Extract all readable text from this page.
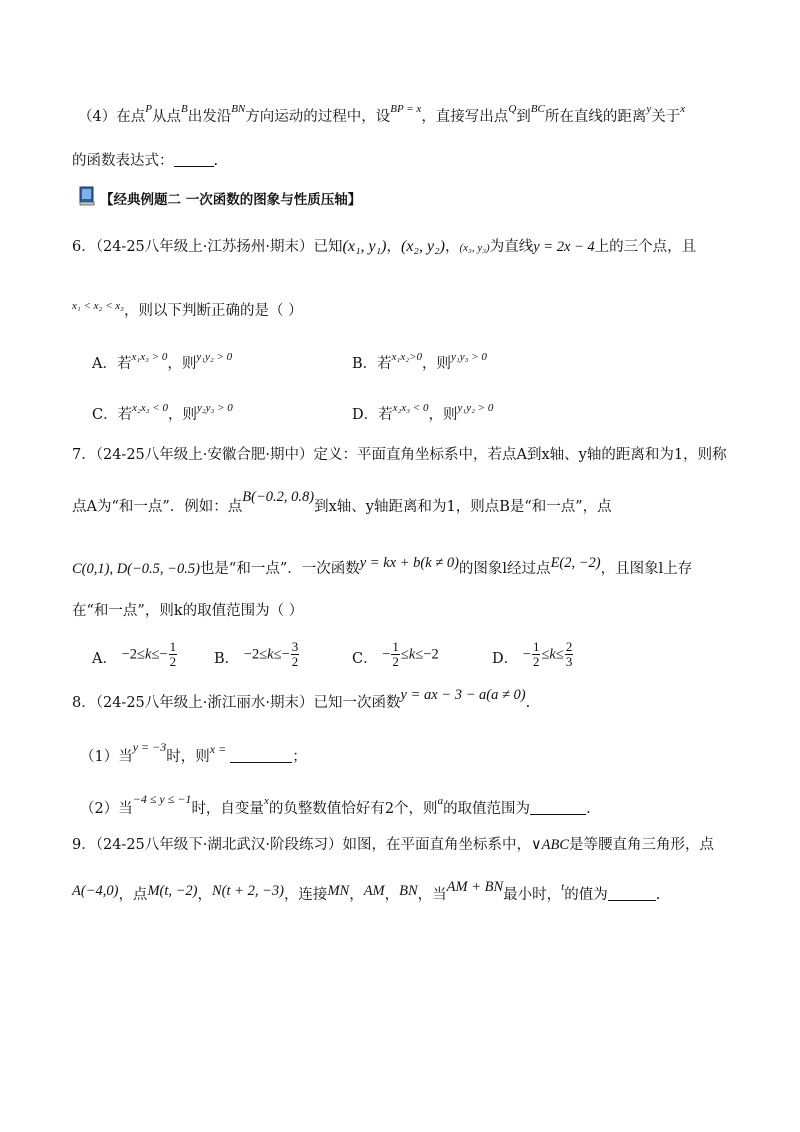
（4）在点$^P$从点$^B$出发沿$^{BN}$方向运动的过程中，设$^{BP = x}$，直接写出点$^Q$到$^{BC}$所在直线的距离$^y$关于$^x$
的函数表达式：	.
【经典例题二 一次函数的图象与性质压轴】
6．（24-25八年级上·江苏扬州·期末）已知(x₁, y₁)，(x₂, y₂)，(x₃, y₃)为直线y = 2x − 4上的三个点，且
$^{x_1 < x_2 < x_3}$，则以下判断正确的是（ ）
A．若$^{x_1x_3 > 0}$，则$^{y_1y_2 > 0}$	B．若$^{x_1x_2>0}$，则$^{y_1y_3 > 0}$
C．若$^{x_2x_3 < 0}$，则$^{y_2y_3 > 0}$	D．若$^{x_2x_3 < 0}$，则$^{y_1y_2 > 0}$
7．（24-25八年级上·安徽合肥·期中）定义：平面直角坐标系中，若点A到x轴、y轴的距离和为1，则称
点A为“和一点”．例如：点B(−0.2, 0.8)到x轴、y轴距离和为1，则点B是“和一点”，点
C(0,1), D(−0.5, −0.5)也是“和一点”．一次函数y = kx + b(k ≠ 0)的图象l经过点E(2, −2)，且图象l上存
在“和一点”，则k的取值范围为（ ）
A． $-2\le k\le- \frac{1}{2}$	B． $-2\le k\le- \frac{3}{2}$	C． − $\frac{1}{2} \le k\le-2$	D． − $\frac{1}{2} \le k\le \frac{2}{3}$
8．（24-25八年级上·浙江丽水·期末）已知一次函数y = ax − 3 − a(a ≠ 0).
（1）当$^{y = -3}$时，则$^{x =}$	；
（2）当$^{-4 \le y \le -1}$时，自变量$^x$的负整数值恰好有2个，则$^a$的取值范围为	.
9．（24-25八年级下·湖北武汉·阶段练习）如图，在平面直角坐标系中，∨ABC是等腰直角三角形，点
A(−4,0)，点M(t, −2)，N(t + 2, −3)，连接MN，AM，BN，当AM + BN最小时，$^t$的值为	.
